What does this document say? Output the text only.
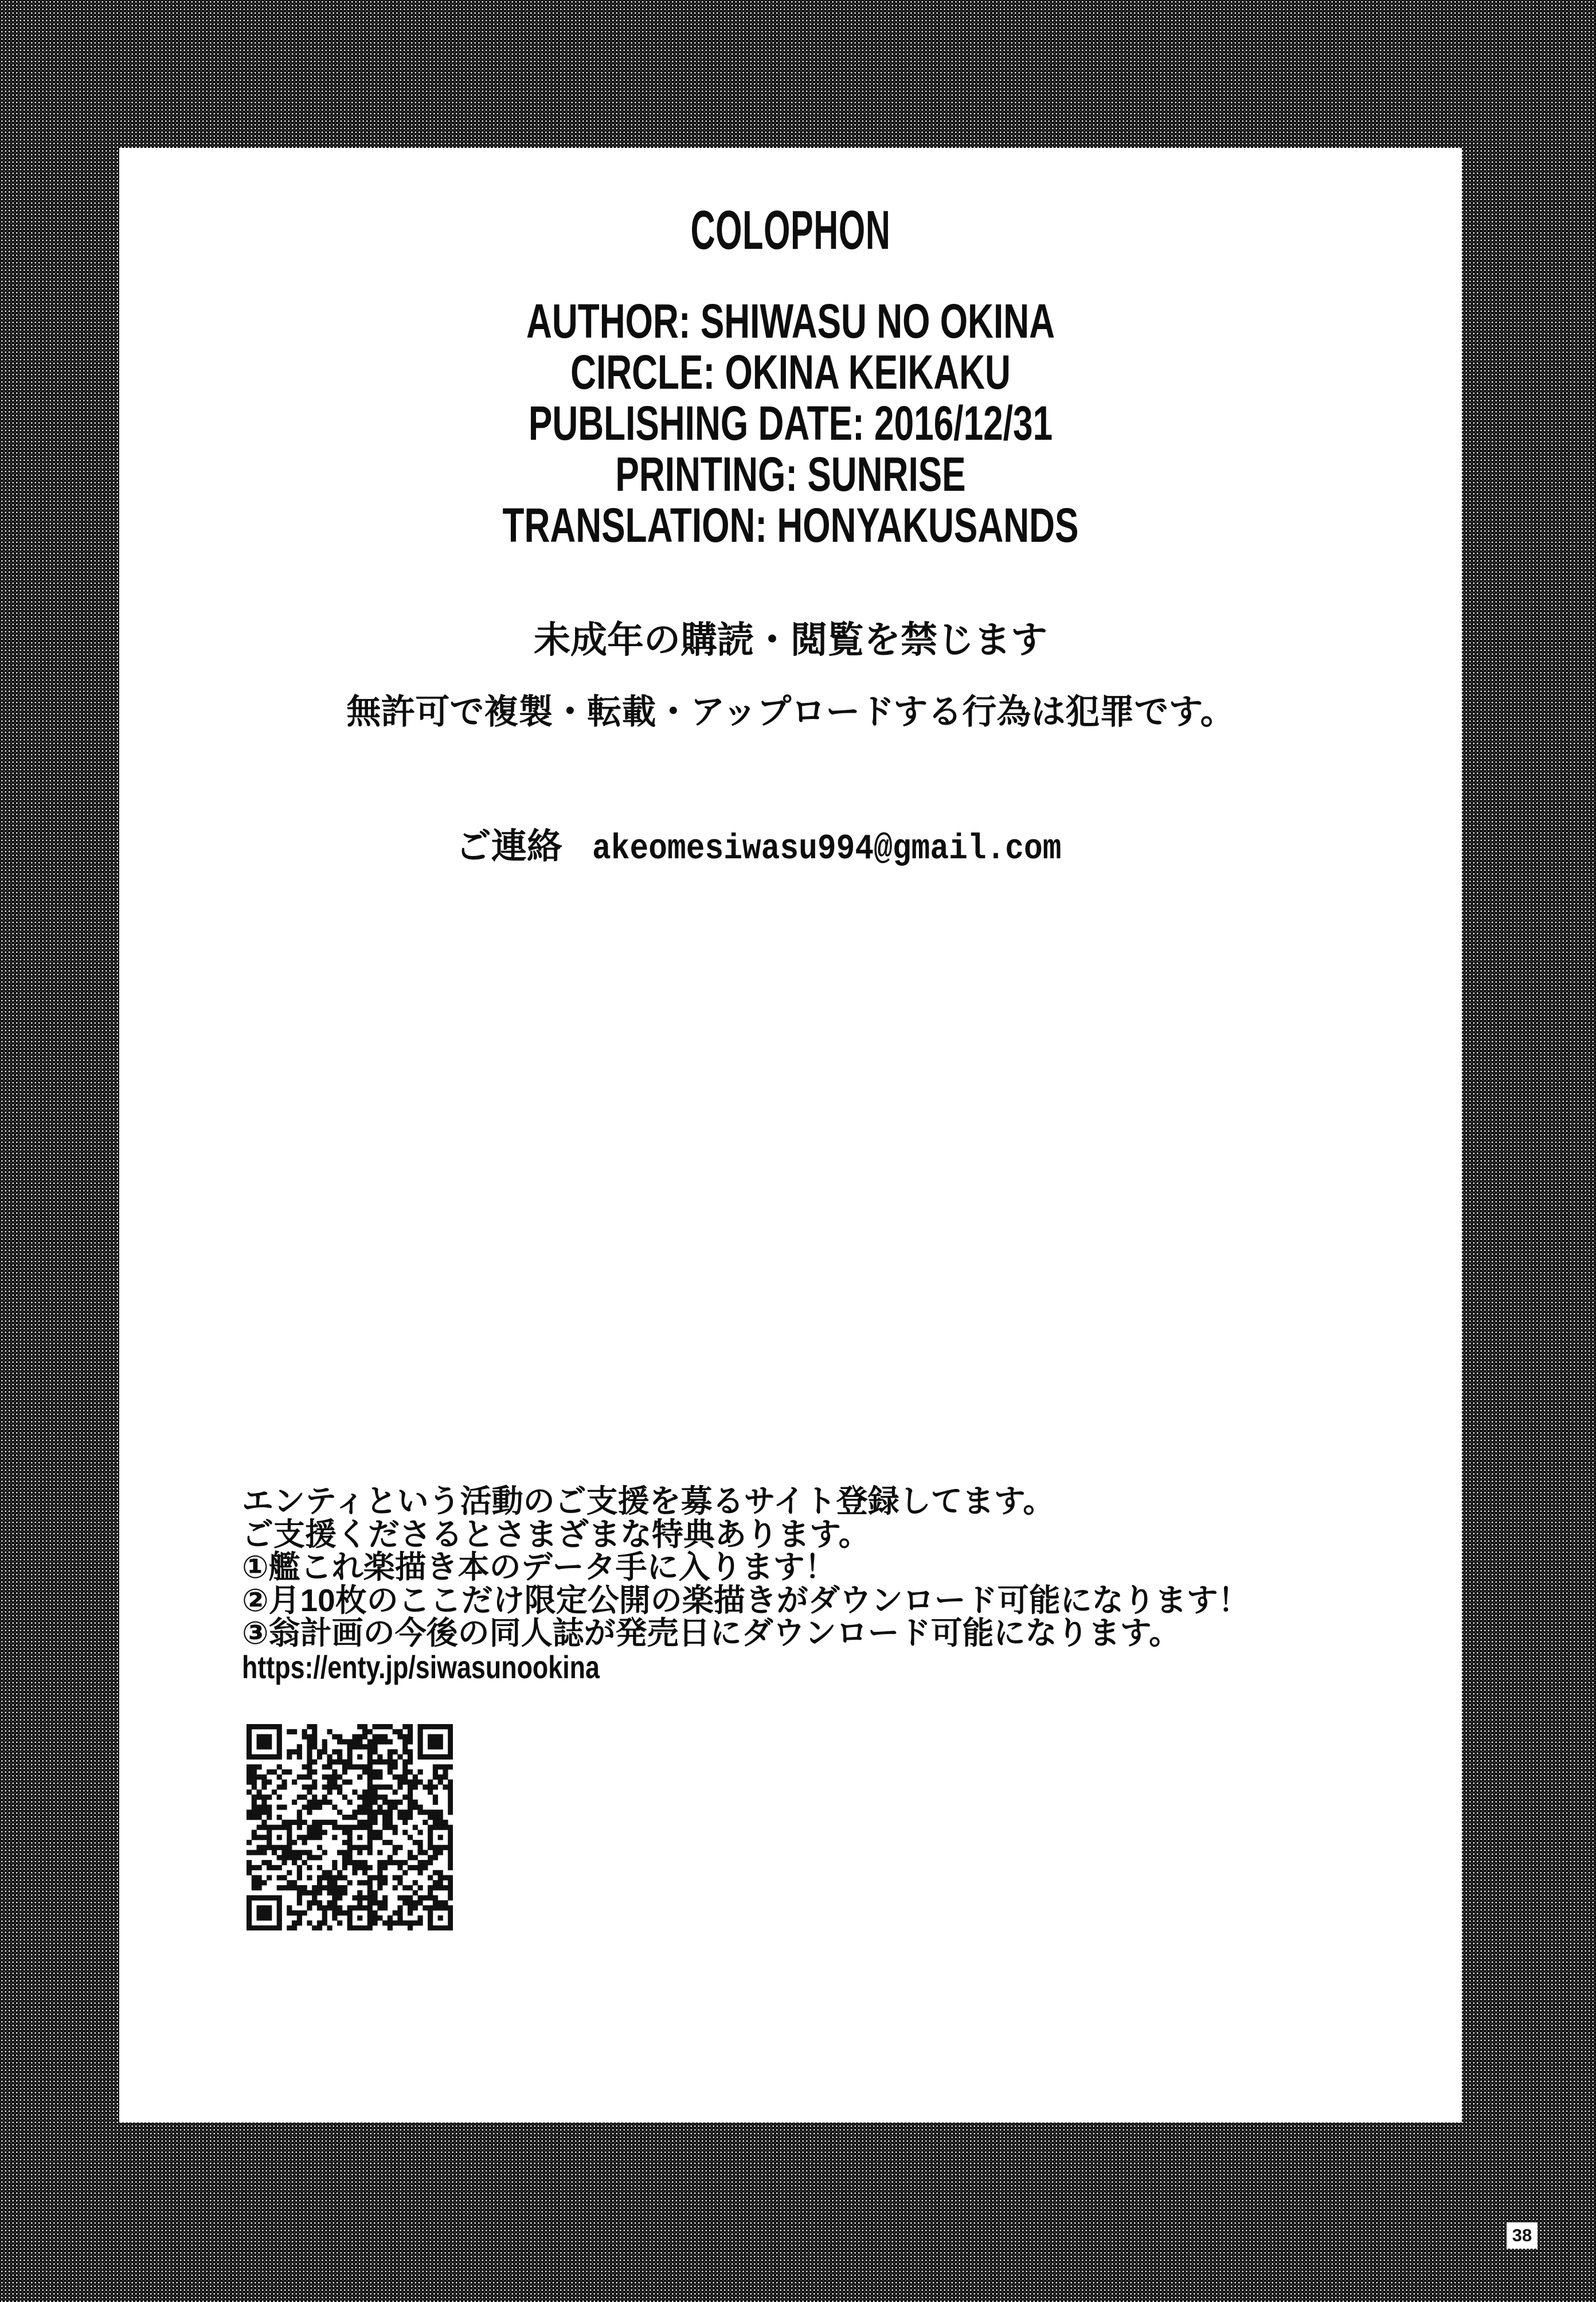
COLOPHON
AUTHOR: SHIWASU NO OKINA
CIRCLE: OKINA KEIKAKU
PUBLISHING DATE: 2016/12/31
PRINTING: SUNRISE
TRANSLATION: HONYAKUSANDS
未成年の購読・閲覧を禁じます
無許可で複製・転載・アップロードする行為は犯罪です。
ご連絡 akeomesiwasu994@gmail.com
エンティという活動のご支援を募るサイト登録してます。
ご支援くださるとさまざまな特典あります。
①艦これ楽描き本のデータ手に入ります！
②月10枚のここだけ限定公開の楽描きがダウンロード可能になります！
③翁計画の今後の同人誌が発売日にダウンロード可能になります。
https://enty.jp/siwasunookina
38
